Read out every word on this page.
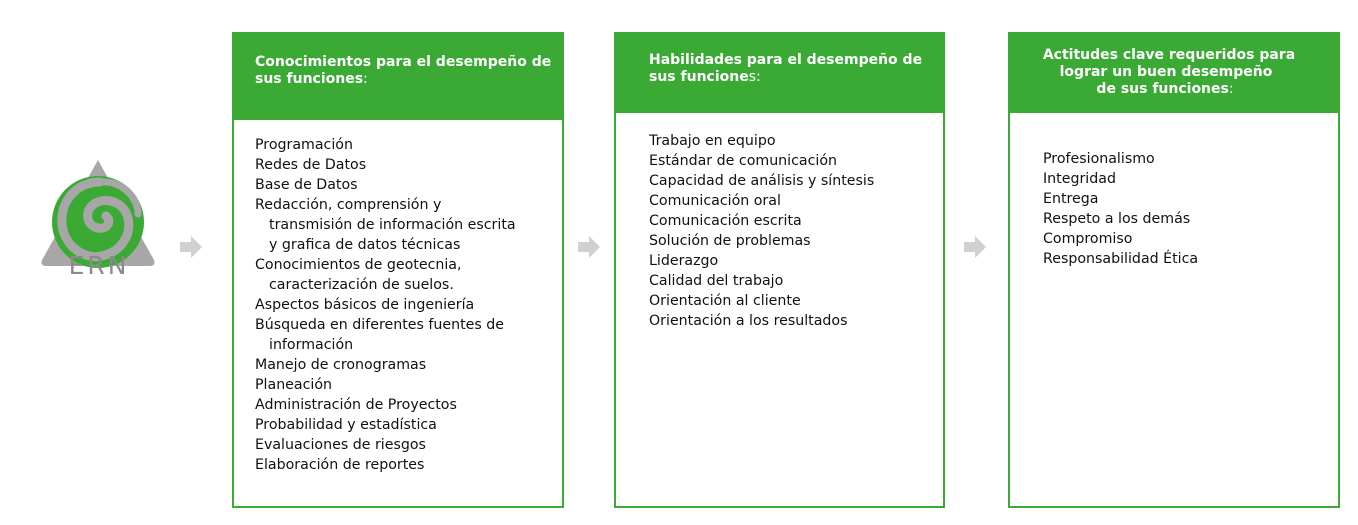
ERN
Conocimientos para el desempeño de sus funciones:
Programación
Redes de Datos
Base de Datos
Redacción, comprensión y
transmisión de información escrita
y grafica de datos técnicas
Conocimientos de geotecnia,
caracterización de suelos.
Aspectos básicos de ingeniería
Búsqueda en diferentes fuentes de
información
Manejo de cronogramas
Planeación
Administración de Proyectos
Probabilidad y estadística
Evaluaciones de riesgos
Elaboración de reportes
Habilidades para el desempeño de sus funciones:
Trabajo en equipo
Estándar de comunicación
Capacidad de análisis y síntesis
Comunicación oral
Comunicación escrita
Solución de problemas
Liderazgo
Calidad del trabajo
Orientación al cliente
Orientación a los resultados
Actitudes clave requeridos para
lograr un buen desempeño
de sus funciones:
Profesionalismo
Integridad
Entrega
Respeto a los demás
Compromiso
Responsabilidad Ética
